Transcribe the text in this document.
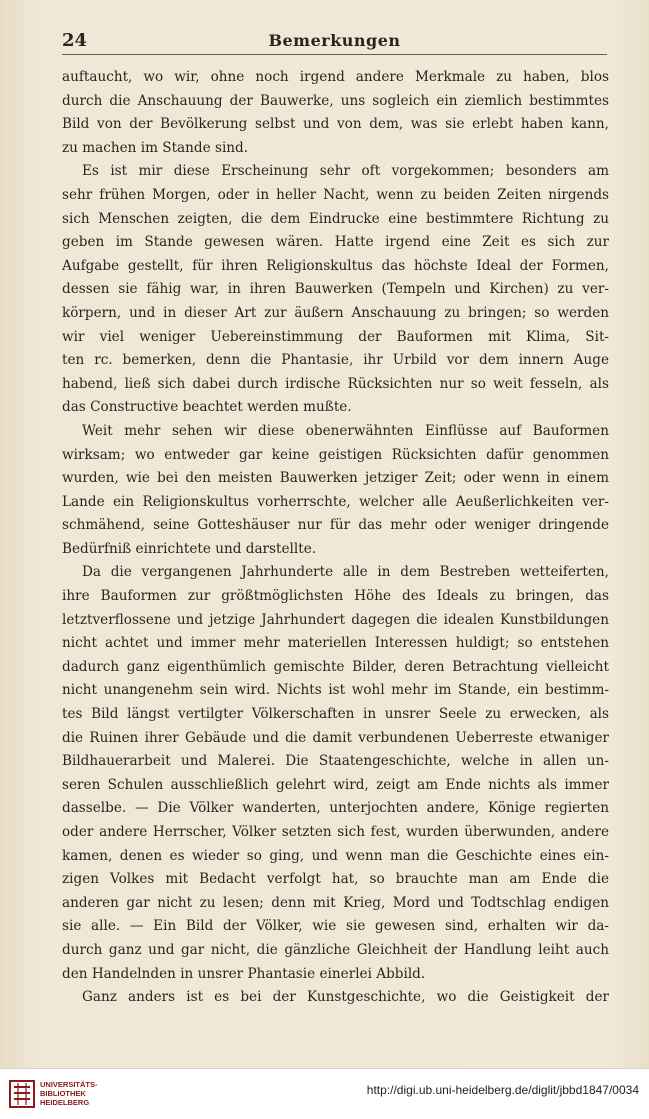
24	Bemerkungen
auftaucht, wo wir, ohne noch irgend andere Merkmale zu haben, blos
durch die Anschauung der Bauwerke, uns sogleich ein ziemlich bestimmtes
Bild von der Bevölkerung selbst und von dem, was sie erlebt haben kann,
zu machen im Stande sind.
Es ist mir diese Erscheinung sehr oft vorgekommen; besonders am
sehr frühen Morgen, oder in heller Nacht, wenn zu beiden Zeiten nirgends
sich Menschen zeigten, die dem Eindrucke eine bestimmtere Richtung zu
geben im Stande gewesen wären. Hatte irgend eine Zeit es sich zur
Aufgabe gestellt, für ihren Religionskultus das höchste Ideal der Formen,
dessen sie fähig war, in ihren Bauwerken (Tempeln und Kirchen) zu ver-
körpern, und in dieser Art zur äußern Anschauung zu bringen; so werden
wir viel weniger Uebereinstimmung der Bauformen mit Klima, Sit-
ten rc. bemerken, denn die Phantasie, ihr Urbild vor dem innern Auge
habend, ließ sich dabei durch irdische Rücksichten nur so weit fesseln, als
das Constructive beachtet werden mußte.
Weit mehr sehen wir diese obenerwähnten Einflüsse auf Bauformen
wirksam; wo entweder gar keine geistigen Rücksichten dafür genommen
wurden, wie bei den meisten Bauwerken jetziger Zeit; oder wenn in einem
Lande ein Religionskultus vorherrschte, welcher alle Aeußerlichkeiten ver-
schmähend, seine Gotteshäuser nur für das mehr oder weniger dringende
Bedürfniß einrichtete und darstellte.
Da die vergangenen Jahrhunderte alle in dem Bestreben wetteiferten,
ihre Bauformen zur größtmöglichsten Höhe des Ideals zu bringen, das
letztverflossene und jetzige Jahrhundert dagegen die idealen Kunstbildungen
nicht achtet und immer mehr materiellen Interessen huldigt; so entstehen
dadurch ganz eigenthümlich gemischte Bilder, deren Betrachtung vielleicht
nicht unangenehm sein wird. Nichts ist wohl mehr im Stande, ein bestimm-
tes Bild längst vertilgter Völkerschaften in unsrer Seele zu erwecken, als
die Ruinen ihrer Gebäude und die damit verbundenen Ueberreste etwaniger
Bildhauerarbeit und Malerei. Die Staatengeschichte, welche in allen un-
seren Schulen ausschließlich gelehrt wird, zeigt am Ende nichts als immer
dasselbe. — Die Völker wanderten, unterjochten andere, Könige regierten
oder andere Herrscher, Völker setzten sich fest, wurden überwunden, andere
kamen, denen es wieder so ging, und wenn man die Geschichte eines ein-
zigen Volkes mit Bedacht verfolgt hat, so brauchte man am Ende die
anderen gar nicht zu lesen; denn mit Krieg, Mord und Todtschlag endigen
sie alle. — Ein Bild der Völker, wie sie gewesen sind, erhalten wir da-
durch ganz und gar nicht, die gänzliche Gleichheit der Handlung leiht auch
den Handelnden in unsrer Phantasie einerlei Abbild.
Ganz anders ist es bei der Kunstgeschichte, wo die Geistigkeit der
UNIVERSITÄTS-
BIBLIOTHEK
HEIDELBERG
http://digi.ub.uni-heidelberg.de/diglit/jbbd1847/0034
